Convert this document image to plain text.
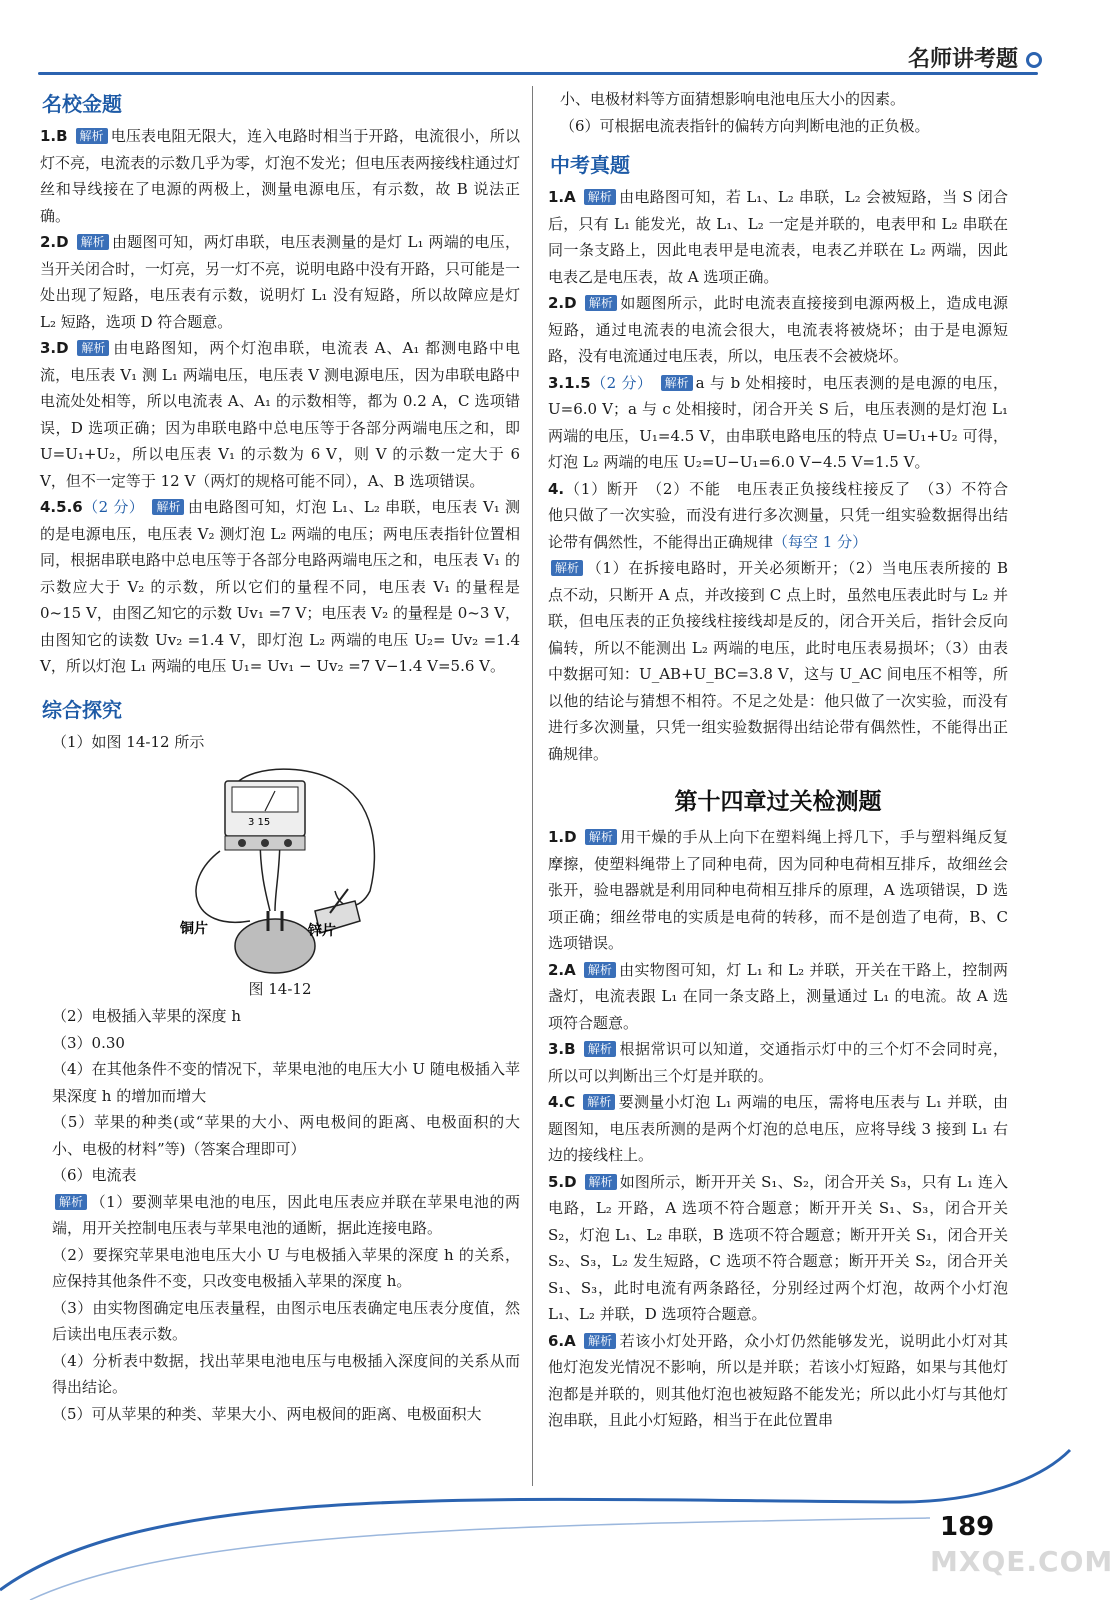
名师讲考题
名校金题
1.B 解析 电压表电阻无限大，连入电路时相当于开路，电流很小，所以灯不亮，电流表的示数几乎为零，灯泡不发光；但电压表两接线柱通过灯丝和导线接在了电源的两极上，测量电源电压，有示数，故 B 说法正确。
2.D 解析 由题图可知，两灯串联，电压表测量的是灯 L₁ 两端的电压，当开关闭合时，一灯亮，另一灯不亮，说明电路中没有开路，只可能是一处出现了短路，电压表有示数，说明灯 L₁ 没有短路，所以故障应是灯 L₂ 短路，选项 D 符合题意。
3.D 解析 由电路图知，两个灯泡串联，电流表 A、A₁ 都测电路中电流，电压表 V₁ 测 L₁ 两端电压，电压表 V 测电源电压，因为串联电路中电流处处相等，所以电流表 A、A₁ 的示数相等，都为 0.2 A，C 选项错误，D 选项正确；因为串联电路中总电压等于各部分两端电压之和，即 U=U₁+U₂，所以电压表 V₁ 的示数为 6 V，则 V 的示数一定大于 6 V，但不一定等于 12 V（两灯的规格可能不同），A、B 选项错误。
4.5.6（2 分） 解析 由电路图可知，灯泡 L₁、L₂ 串联，电压表 V₁ 测的是电源电压，电压表 V₂ 测灯泡 L₂ 两端的电压；两电压表指针位置相同，根据串联电路中总电压等于各部分电路两端电压之和，电压表 V₁ 的示数应大于 V₂ 的示数，所以它们的量程不同，电压表 V₁ 的量程是 0~15 V，由图乙知它的示数 Uv₁ =7 V；电压表 V₂ 的量程是 0~3 V，由图知它的读数 Uv₂ =1.4 V，即灯泡 L₂ 两端的电压 U₂= Uv₂ =1.4 V，所以灯泡 L₁ 两端的电压 U₁= Uv₁ − Uv₂ =7 V−1.4 V=5.6 V。
综合探究
（1）如图 14-12 所示
3 15
铜片	锌片
图 14-12
（2）电极插入苹果的深度 h
（3）0.30
（4）在其他条件不变的情况下，苹果电池的电压大小 U 随电极插入苹果深度 h 的增加而增大
（5）苹果的种类(或“苹果的大小、两电极间的距离、电极面积的大小、电极的材料”等)（答案合理即可）
（6）电流表
解析 （1）要测苹果电池的电压，因此电压表应并联在苹果电池的两端，用开关控制电压表与苹果电池的通断，据此连接电路。
（2）要探究苹果电池电压大小 U 与电极插入苹果的深度 h 的关系，应保持其他条件不变，只改变电极插入苹果的深度 h。
（3）由实物图确定电压表量程，由图示电压表确定电压表分度值，然后读出电压表示数。
（4）分析表中数据，找出苹果电池电压与电极插入深度间的关系从而得出结论。
（5）可从苹果的种类、苹果大小、两电极间的距离、电极面积大
小、电极材料等方面猜想影响电池电压大小的因素。
（6）可根据电流表指针的偏转方向判断电池的正负极。
中考真题
1.A 解析 由电路图可知，若 L₁、L₂ 串联，L₂ 会被短路，当 S 闭合后，只有 L₁ 能发光，故 L₁、L₂ 一定是并联的，电表甲和 L₂ 串联在同一条支路上，因此电表甲是电流表，电表乙并联在 L₂ 两端，因此电表乙是电压表，故 A 选项正确。
2.D 解析 如题图所示，此时电流表直接接到电源两极上，造成电源短路，通过电流表的电流会很大，电流表将被烧坏；由于是电源短路，没有电流通过电压表，所以，电压表不会被烧坏。
3.1.5（2 分） 解析 a 与 b 处相接时，电压表测的是电源的电压，U=6.0 V；a 与 c 处相接时，闭合开关 S 后，电压表测的是灯泡 L₁ 两端的电压，U₁=4.5 V，由串联电路电压的特点 U=U₁+U₂ 可得，灯泡 L₂ 两端的电压 U₂=U−U₁=6.0 V−4.5 V=1.5 V。
4.（1）断开　（2）不能　电压表正负接线柱接反了　（3）不符合　他只做了一次实验，而没有进行多次测量，只凭一组实验数据得出结论带有偶然性，不能得出正确规律（每空 1 分）
解析 （1）在拆接电路时，开关必须断开；（2）当电压表所接的 B 点不动，只断开 A 点，并改接到 C 点上时，虽然电压表此时与 L₂ 并联，但电压表的正负接线柱接线却是反的，闭合开关后，指针会反向偏转，所以不能测出 L₂ 两端的电压，此时电压表易损坏；（3）由表中数据可知：U_AB+U_BC=3.8 V，这与 U_AC 间电压不相等，所以他的结论与猜想不相符。不足之处是：他只做了一次实验，而没有进行多次测量，只凭一组实验数据得出结论带有偶然性，不能得出正确规律。
第十四章过关检测题
1.D 解析 用干燥的手从上向下在塑料绳上捋几下，手与塑料绳反复摩擦，使塑料绳带上了同种电荷，因为同种电荷相互排斥，故细丝会张开，验电器就是利用同种电荷相互排斥的原理，A 选项错误，D 选项正确；细丝带电的实质是电荷的转移，而不是创造了电荷，B、C 选项错误。
2.A 解析 由实物图可知，灯 L₁ 和 L₂ 并联，开关在干路上，控制两盏灯，电流表跟 L₁ 在同一条支路上，测量通过 L₁ 的电流。故 A 选项符合题意。
3.B 解析 根据常识可以知道，交通指示灯中的三个灯不会同时亮，所以可以判断出三个灯是并联的。
4.C 解析 要测量小灯泡 L₁ 两端的电压，需将电压表与 L₁ 并联，由题图知，电压表所测的是两个灯泡的总电压，应将导线 3 接到 L₁ 右边的接线柱上。
5.D 解析 如图所示，断开开关 S₁、S₂，闭合开关 S₃，只有 L₁ 连入电路，L₂ 开路，A 选项不符合题意；断开开关 S₁、S₃，闭合开关 S₂，灯泡 L₁、L₂ 串联，B 选项不符合题意；断开开关 S₁，闭合开关 S₂、S₃，L₂ 发生短路，C 选项不符合题意；断开开关 S₂，闭合开关 S₁、S₃，此时电流有两条路径，分别经过两个灯泡，故两个小灯泡 L₁、L₂ 并联，D 选项符合题意。
6.A 解析 若该小灯处开路，众小灯仍然能够发光，说明此小灯对其他灯泡发光情况不影响，所以是并联；若该小灯短路，如果与其他灯泡都是并联的，则其他灯泡也被短路不能发光；所以此小灯与其他灯泡串联，且此小灯短路，相当于在此位置串
189
MXQE.COM
